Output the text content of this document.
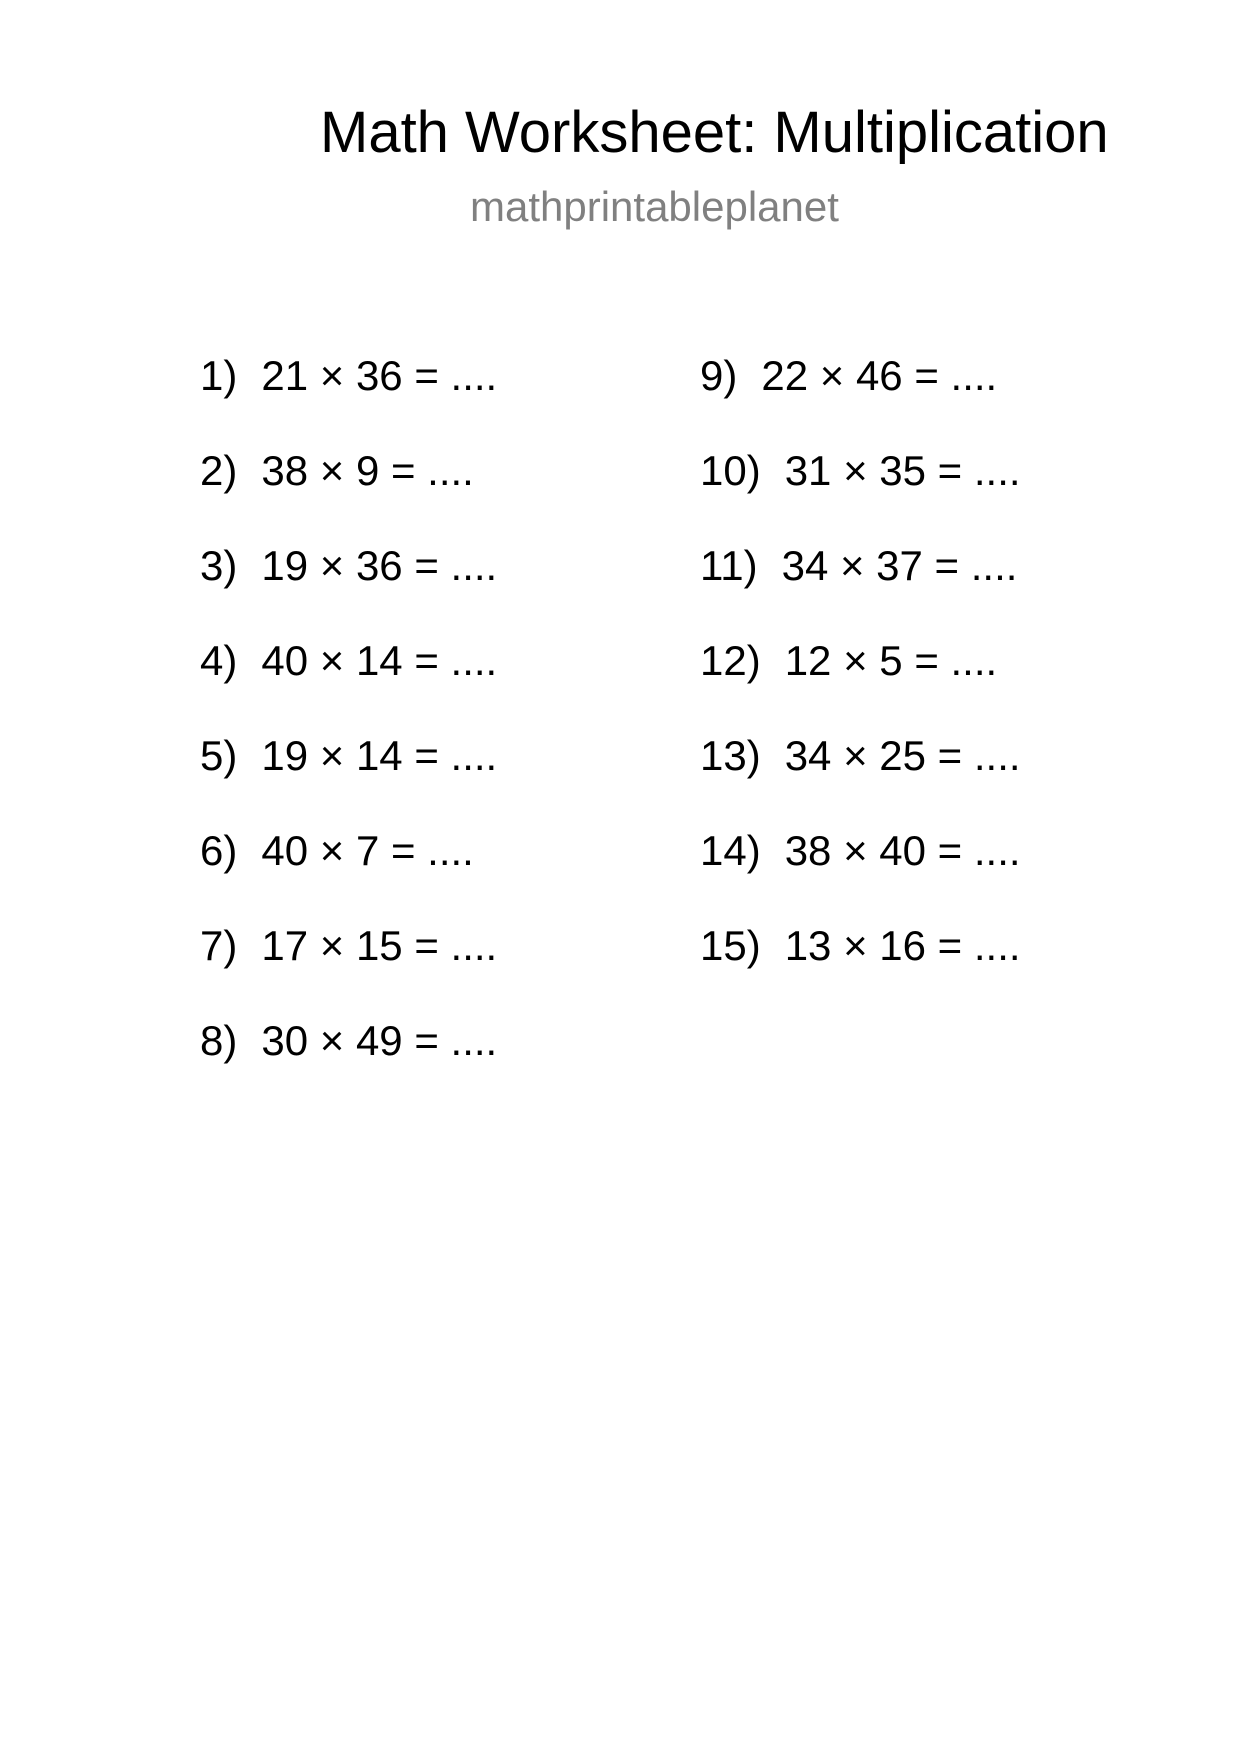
Math Worksheet: Multiplication
mathprintableplanet
1) 21 × 36 = ....
2) 38 × 9 = ....
3) 19 × 36 = ....
4) 40 × 14 = ....
5) 19 × 14 = ....
6) 40 × 7 = ....
7) 17 × 15 = ....
8) 30 × 49 = ....
9) 22 × 46 = ....
10) 31 × 35 = ....
11) 34 × 37 = ....
12) 12 × 5 = ....
13) 34 × 25 = ....
14) 38 × 40 = ....
15) 13 × 16 = ....
